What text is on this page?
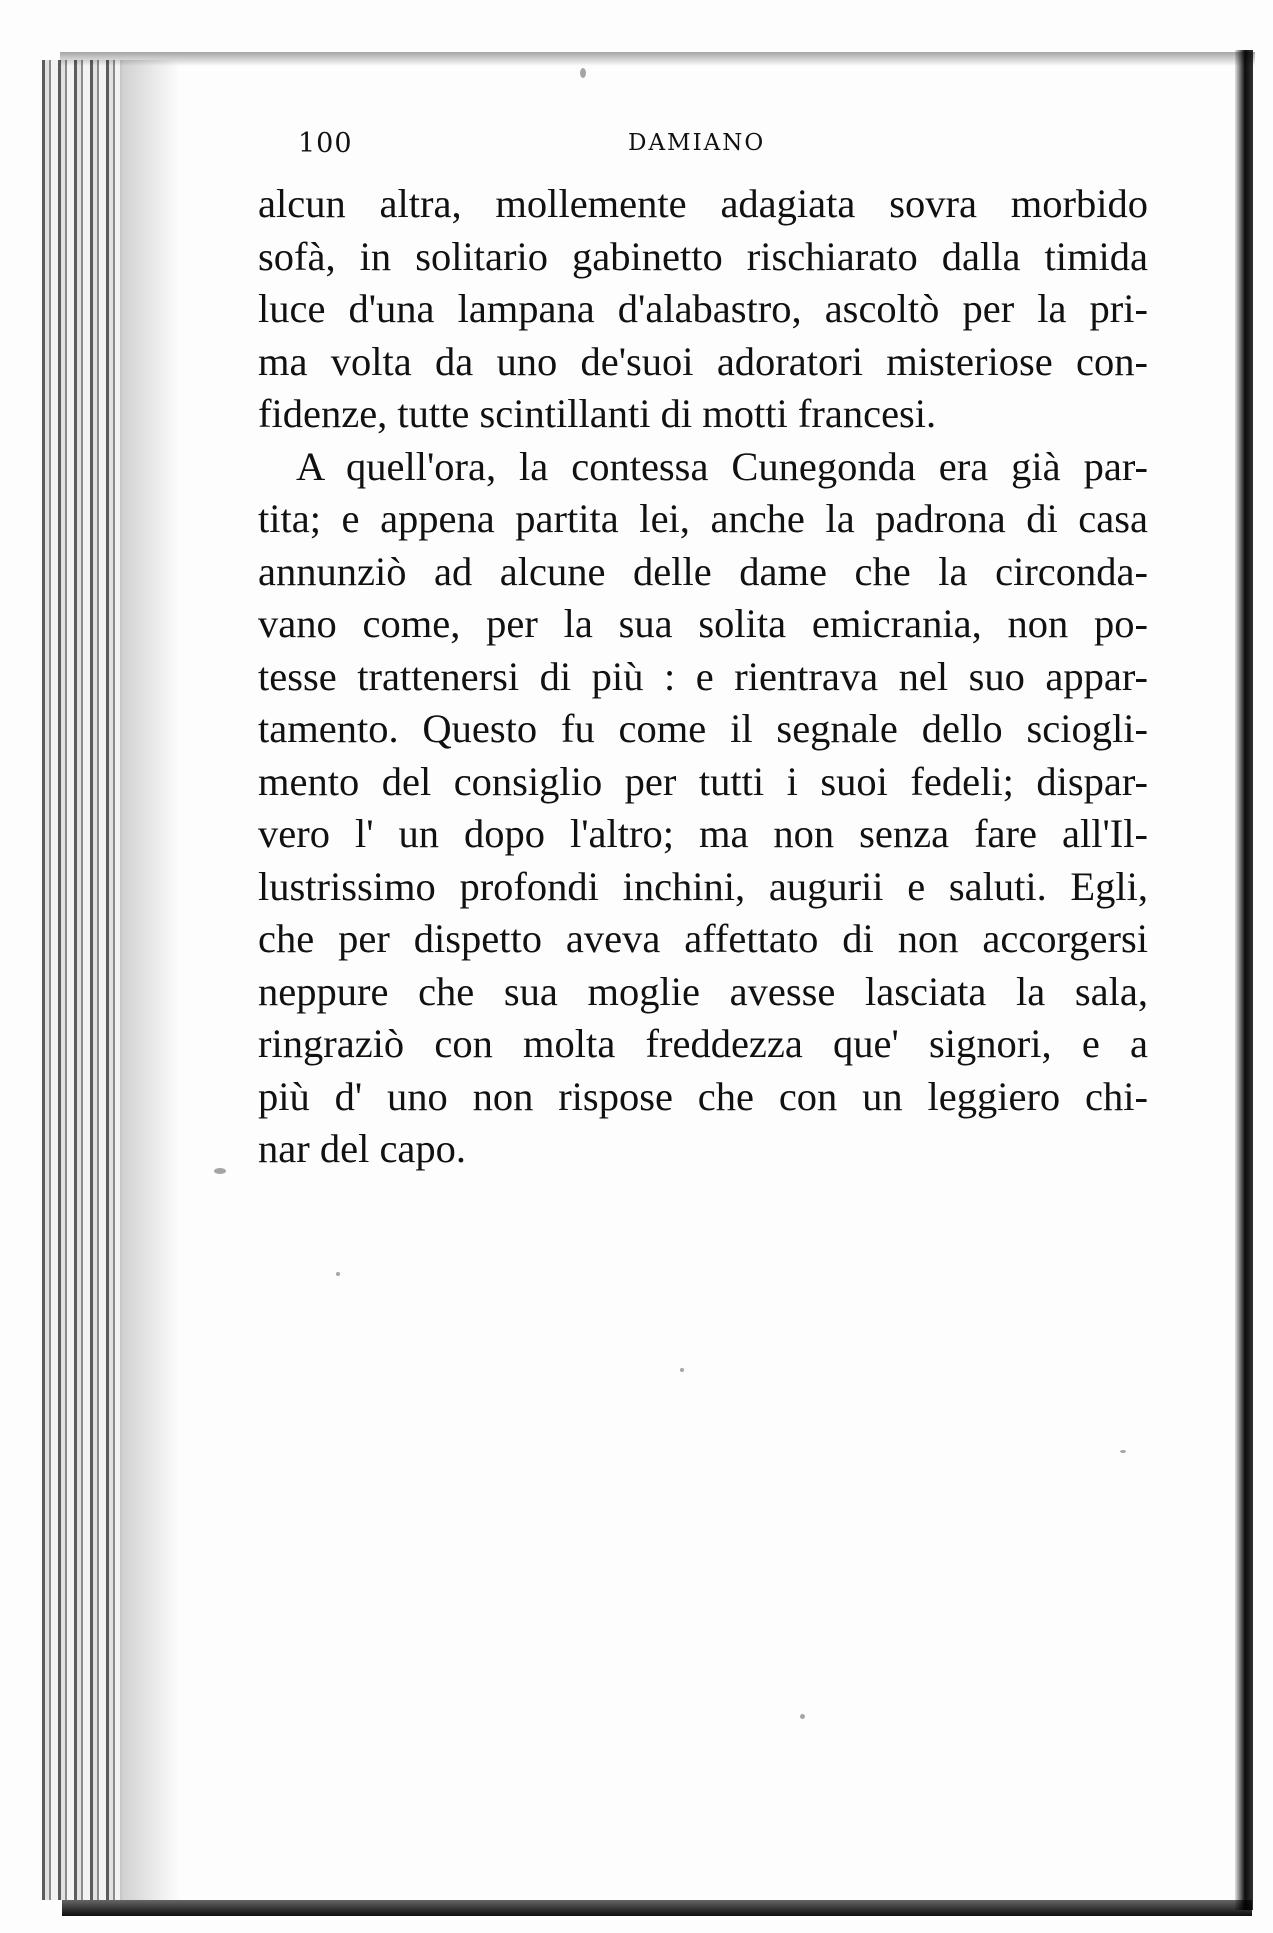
100	DAMIANO
alcun altra, mollemente adagiata sovra morbido
sofà, in solitario gabinetto rischiarato dalla timida
luce d'una lampana d'alabastro, ascoltò per la pri-
ma volta da uno de'suoi adoratori misteriose con-
fidenze, tutte scintillanti di motti francesi.
A quell'ora, la contessa Cunegonda era già par-
tita; e appena partita lei, anche la padrona di casa
annunziò ad alcune delle dame che la circonda-
vano come, per la sua solita emicrania, non po-
tesse trattenersi di più : e rientrava nel suo appar-
tamento. Questo fu come il segnale dello sciogli-
mento del consiglio per tutti i suoi fedeli; dispar-
vero l' un dopo l'altro; ma non senza fare all'Il-
lustrissimo profondi inchini, augurii e saluti. Egli,
che per dispetto aveva affettato di non accorgersi
neppure che sua moglie avesse lasciata la sala,
ringraziò con molta freddezza que' signori, e a
più d' uno non rispose che con un leggiero chi-
nar del capo.
